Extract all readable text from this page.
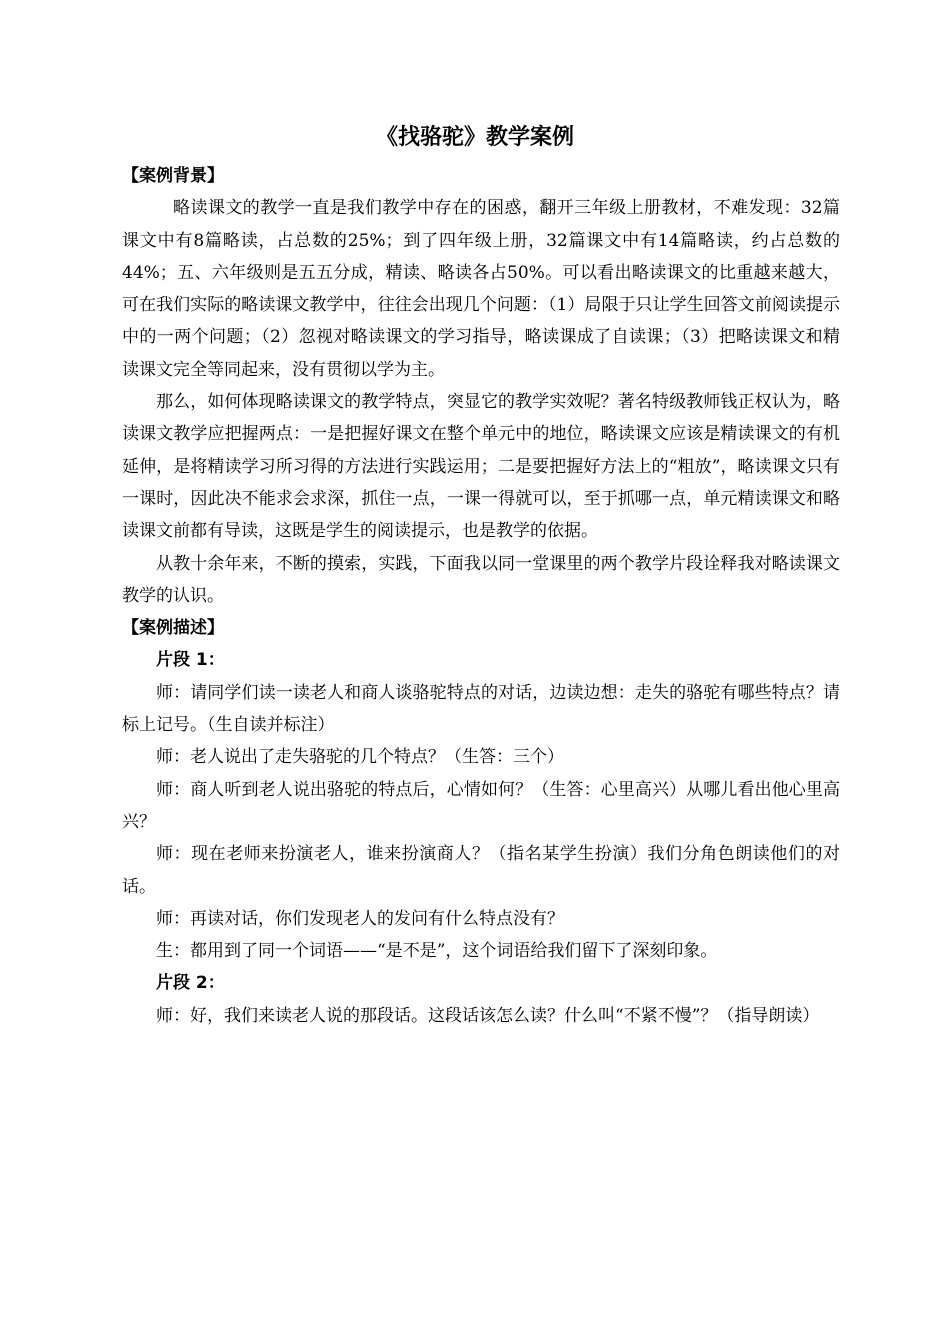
《找骆驼》教学案例

【案例背景】

略读课文的教学一直是我们教学中存在的困惑，翻开三年级上册教材，不难发现：32篇课文中有8篇略读，占总数的25%；到了四年级上册，32篇课文中有14篇略读，约占总数的44%；五、六年级则是五五分成，精读、略读各占50%。可以看出略读课文的比重越来越大，可在我们实际的略读课文教学中，往往会出现几个问题：（1）局限于只让学生回答文前阅读提示中的一两个问题；（2）忽视对略读课文的学习指导，略读课成了自读课；（3）把略读课文和精读课文完全等同起来，没有贯彻以学为主。

那么，如何体现略读课文的教学特点，突显它的教学实效呢？著名特级教师钱正权认为，略读课文教学应把握两点：一是把握好课文在整个单元中的地位，略读课文应该是精读课文的有机延伸，是将精读学习所习得的方法进行实践运用；二是要把握好方法上的“粗放”，略读课文只有一课时，因此决不能求会求深，抓住一点，一课一得就可以，至于抓哪一点，单元精读课文和略读课文前都有导读，这既是学生的阅读提示，也是教学的依据。

从教十余年来，不断的摸索，实践，下面我以同一堂课里的两个教学片段诠释我对略读课文教学的认识。

【案例描述】

片段 1：

师：请同学们读一读老人和商人谈骆驼特点的对话，边读边想：走失的骆驼有哪些特点？请标上记号。（生自读并标注）

师：老人说出了走失骆驼的几个特点？（生答：三个）

师：商人听到老人说出骆驼的特点后，心情如何？（生答：心里高兴）从哪儿看出他心里高兴？

师：现在老师来扮演老人，谁来扮演商人？（指名某学生扮演）我们分角色朗读他们的对话。

师：再读对话，你们发现老人的发问有什么特点没有？

生：都用到了同一个词语——“是不是”，这个词语给我们留下了深刻印象。

片段 2：

师：好，我们来读老人说的那段话。这段话该怎么读？什么叫“不紧不慢”？（指导朗读）
